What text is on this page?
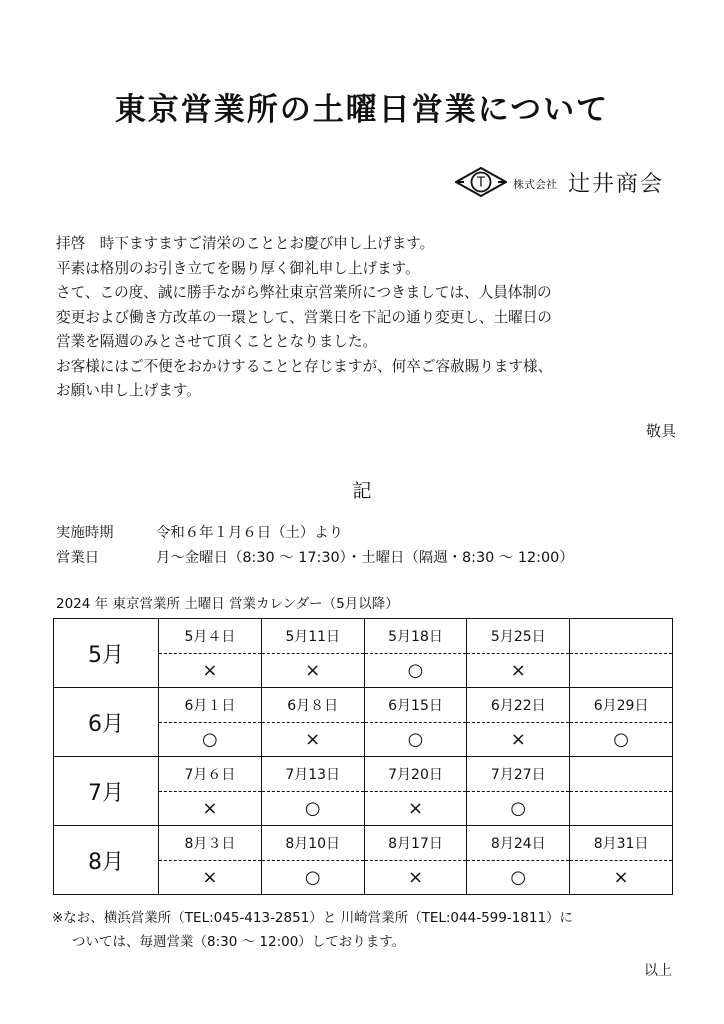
東京営業所の土曜日営業について
T	株式会社 辻井商会

拝啓　時下ますますご清栄のこととお慶び申し上げます。

平素は格別のお引き立てを賜り厚く御礼申し上げます。

さて、この度、誠に勝手ながら弊社東京営業所につきましては、人員体制の

変更および働き方改革の一環として、営業日を下記の通り変更し、土曜日の

営業を隔週のみとさせて頂くこととなりました。

お客様にはご不便をおかけすることと存じますが、何卒ご容赦賜ります様、

お願い申し上げます。

敬具
記
実施時期	令和６年１月６日（土）より
営業日	月～金曜日（8:30 ～ 17:30）・土曜日（隔週・8:30 ～ 12:00）
2024 年 東京営業所 土曜日 営業カレンダー（5月以降）
5月	5月４日	5月11日	5月18日	5月25日	
	×	×	○	×	
6月	6月１日	6月８日	6月15日	6月22日	6月29日
	○	×	○	×	○
7月	7月６日	7月13日	7月20日	7月27日	
	×	○	×	○	
8月	8月３日	8月10日	8月17日	8月24日	8月31日
	×	○	×	○	×

※なお、横浜営業所（TEL:045-413-2851）と 川崎営業所（TEL:044-599-1811）に

ついては、毎週営業（8:30 ～ 12:00）しております。

以上
